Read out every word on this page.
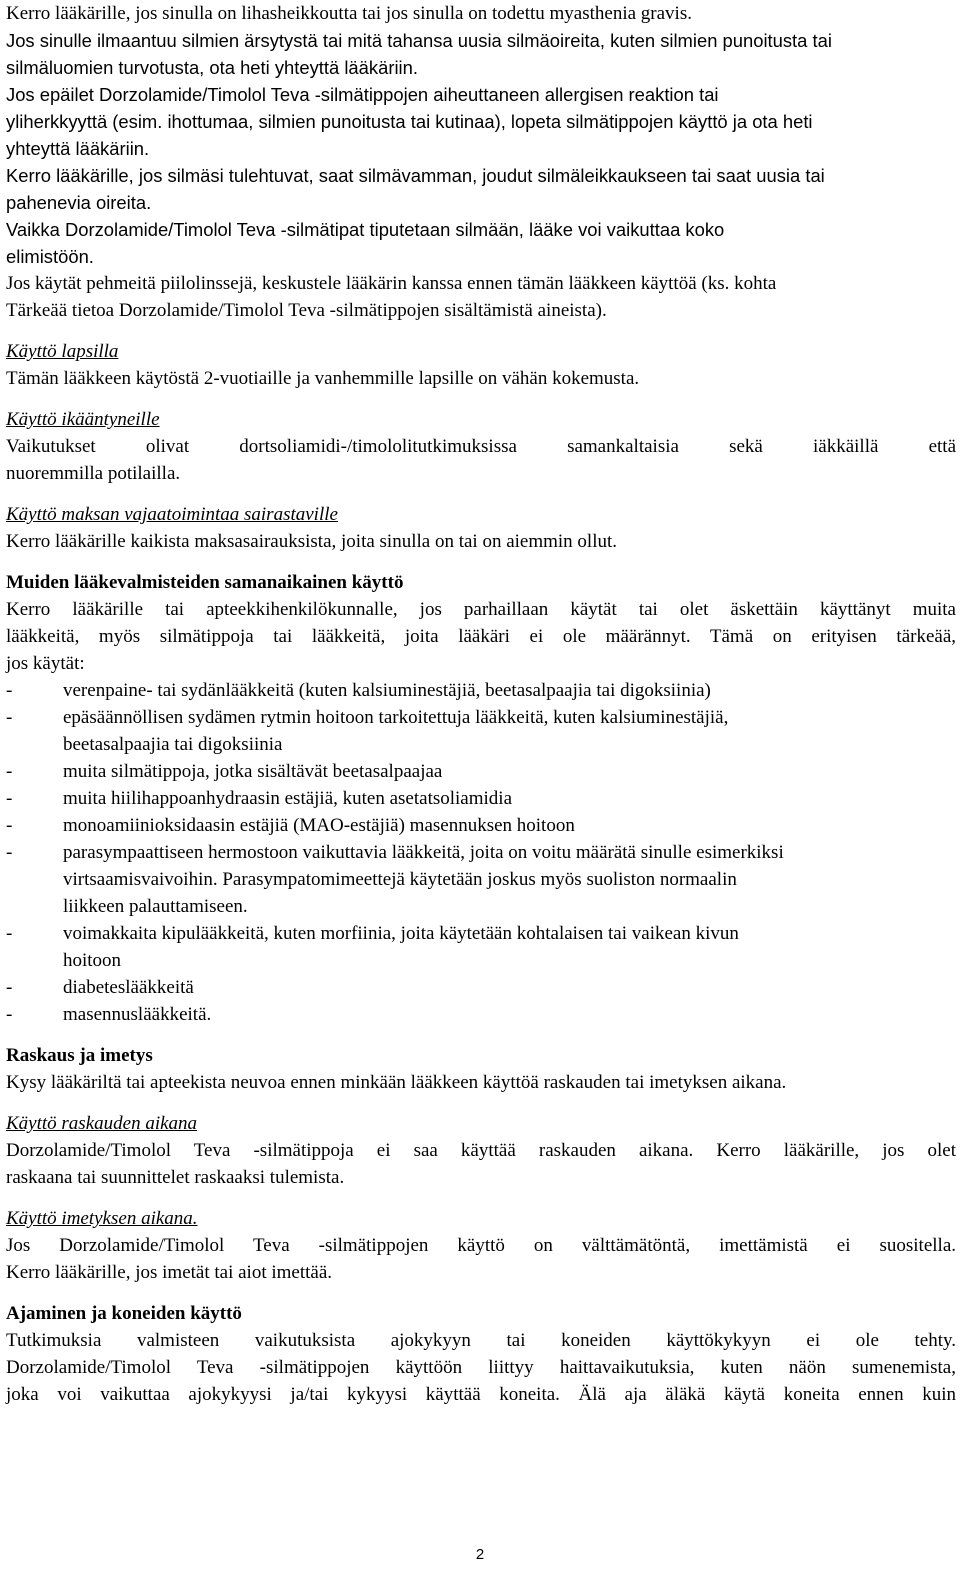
Kerro lääkärille, jos sinulla on lihasheikkoutta tai jos sinulla on todettu myasthenia gravis.
Jos sinulle ilmaantuu silmien ärsytystä tai mitä tahansa uusia silmäoireita, kuten silmien punoitusta tai
silmäluomien turvotusta, ota heti yhteyttä lääkäriin.
Jos epäilet Dorzolamide/Timolol Teva -silmätippojen aiheuttaneen allergisen reaktion tai
yliherkkyyttä (esim. ihottumaa, silmien punoitusta tai kutinaa), lopeta silmätippojen käyttö ja ota heti
yhteyttä lääkäriin.
Kerro lääkärille, jos silmäsi tulehtuvat, saat silmävamman, joudut silmäleikkaukseen tai saat uusia tai
pahenevia oireita.
Vaikka Dorzolamide/Timolol Teva -silmätipat tiputetaan silmään, lääke voi vaikuttaa koko
elimistöön.
Jos käytät pehmeitä piilolinssejä, keskustele lääkärin kanssa ennen tämän lääkkeen käyttöä (ks. kohta
Tärkeää tietoa Dorzolamide/Timolol Teva -silmätippojen sisältämistä aineista).
Käyttö lapsilla
Tämän lääkkeen käytöstä 2-vuotiaille ja vanhemmille lapsille on vähän kokemusta.
Käyttö ikääntyneille
Vaikutukset olivat dortsoliamidi-/timololitutkimuksissa samankaltaisia sekä iäkkäillä että
nuoremmilla potilailla.
Käyttö maksan vajaatoimintaa sairastaville
Kerro lääkärille kaikista maksasairauksista, joita sinulla on tai on aiemmin ollut.
Muiden lääkevalmisteiden samanaikainen käyttö
Kerro lääkärille tai apteekkihenkilökunnalle, jos parhaillaan käytät tai olet äskettäin käyttänyt muita
lääkkeitä, myös silmätippoja tai lääkkeitä, joita lääkäri ei ole määrännyt. Tämä on erityisen tärkeää,
jos käytät:
-	verenpaine- tai sydänlääkkeitä (kuten kalsiuminestäjiä, beetasalpaajia tai digoksiinia)
-	epäsäännöllisen sydämen rytmin hoitoon tarkoitettuja lääkkeitä, kuten kalsiuminestäjiä,
beetasalpaajia tai digoksiinia
-	muita silmätippoja, jotka sisältävät beetasalpaajaa
-	muita hiilihappoanhydraasin estäjiä, kuten asetatsoliamidia
-	monoamiinioksidaasin estäjiä (MAO-estäjiä) masennuksen hoitoon
-	parasympaattiseen hermostoon vaikuttavia lääkkeitä, joita on voitu määrätä sinulle esimerkiksi
virtsaamisvaivoihin. Parasympatomimeettejä käytetään joskus myös suoliston normaalin
liikkeen palauttamiseen.
-	voimakkaita kipulääkkeitä, kuten morfiinia, joita käytetään kohtalaisen tai vaikean kivun
hoitoon
-	diabeteslääkkeitä
-	masennuslääkkeitä.
Raskaus ja imetys
Kysy lääkäriltä tai apteekista neuvoa ennen minkään lääkkeen käyttöä raskauden tai imetyksen aikana.
Käyttö raskauden aikana
Dorzolamide/Timolol Teva -silmätippoja ei saa käyttää raskauden aikana. Kerro lääkärille, jos olet
raskaana tai suunnittelet raskaaksi tulemista.
Käyttö imetyksen aikana.
Jos Dorzolamide/Timolol Teva -silmätippojen käyttö on välttämätöntä, imettämistä ei suositella.
Kerro lääkärille, jos imetät tai aiot imettää.
Ajaminen ja koneiden käyttö
Tutkimuksia valmisteen vaikutuksista ajokykyyn tai koneiden käyttökykyyn ei ole tehty.
Dorzolamide/Timolol Teva -silmätippojen käyttöön liittyy haittavaikutuksia, kuten näön sumenemista,
joka voi vaikuttaa ajokykyysi ja/tai kykyysi käyttää koneita. Älä aja äläkä käytä koneita ennen kuin
2
